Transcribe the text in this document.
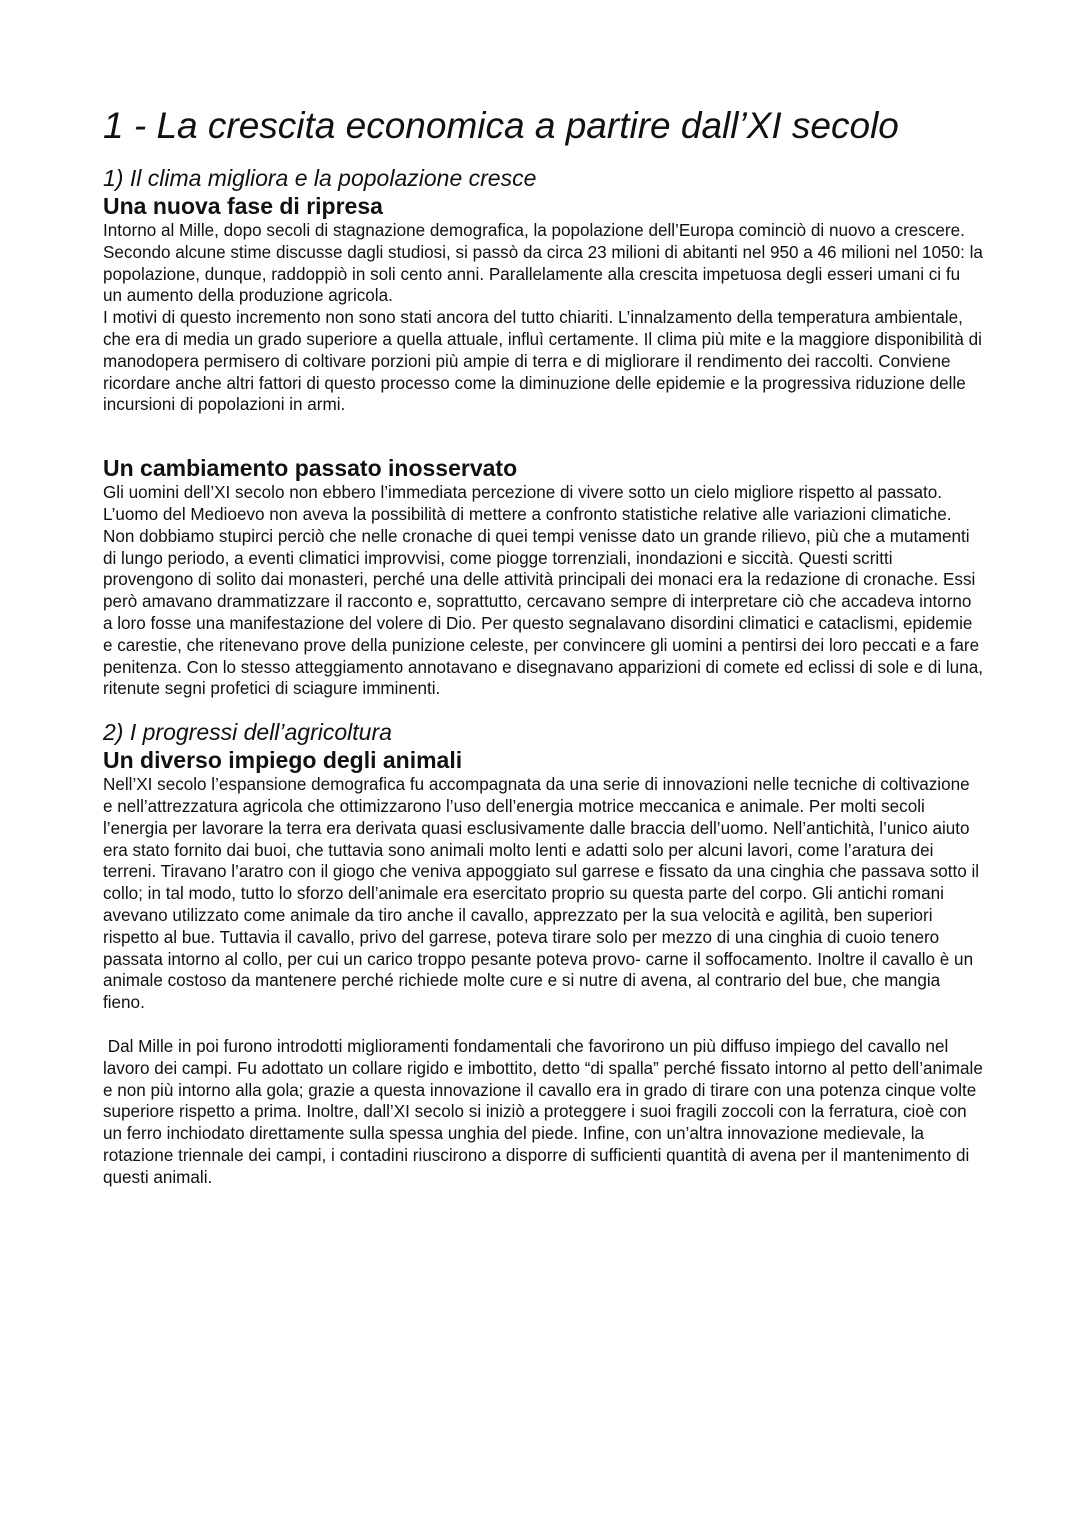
1 - La crescita economica a partire dall’XI secolo
1) Il clima migliora e la popolazione cresce
Una nuova fase di ripresa

Intorno al Mille, dopo secoli di stagnazione demografica, la popolazione dell’Europa cominciò di nuovo a crescere. Secondo alcune stime discusse dagli studiosi, si passò da circa 23 milioni di abitanti nel 950 a 46 milioni nel 1050: la popolazione, dunque, raddoppiò in soli cento anni. Parallelamente alla crescita impetuosa degli esseri umani ci fu un aumento della produzione agricola.

I motivi di questo incremento non sono stati ancora del tutto chiariti. L’innalzamento della temperatura ambientale, che era di media un grado superiore a quella attuale, influì certamente. Il clima più mite e la maggiore disponibilità di manodopera permisero di coltivare porzioni più ampie di terra e di migliorare il rendimento dei raccolti. Conviene ricordare anche altri fattori di questo processo come la diminuzione delle epidemie e la progressiva riduzione delle incursioni di popolazioni in armi.

Un cambiamento passato inosservato

Gli uomini dell’XI secolo non ebbero l’immediata percezione di vivere sotto un cielo migliore rispetto al passato. L’uomo del Medioevo non aveva la possibilità di mettere a confronto statistiche relative alle variazioni climatiche. Non dobbiamo stupirci perciò che nelle cronache di quei tempi venisse dato un grande rilievo, più che a mutamenti di lungo periodo, a eventi climatici improvvisi, come piogge torrenziali, inondazioni e siccità. Questi scritti provengono di solito dai monasteri, perché una delle attività principali dei monaci era la redazione di cronache. Essi però amavano drammatizzare il racconto e, soprattutto, cercavano sempre di interpretare ciò che accadeva intorno a loro fosse una manifestazione del volere di Dio. Per questo segnalavano disordini climatici e cataclismi, epidemie e carestie, che ritenevano prove della punizione celeste, per convincere gli uomini a pentirsi dei loro peccati e a fare penitenza. Con lo stesso atteggiamento annotavano e disegnavano apparizioni di comete ed eclissi di sole e di luna, ritenute segni profetici di sciagure imminenti.

2) I progressi dell’agricoltura
Un diverso impiego degli animali

Nell’XI secolo l’espansione demografica fu accompagnata da una serie di innovazioni nelle tecniche di coltivazione e nell’attrezzatura agricola che ottimizzarono l’uso dell’energia motrice meccanica e animale. Per molti secoli l’energia per lavorare la terra era derivata quasi esclusivamente dalle braccia dell’uomo. Nell’antichità, l’unico aiuto era stato fornito dai buoi, che tuttavia sono animali molto lenti e adatti solo per alcuni lavori, come l’aratura dei terreni. Tiravano l’aratro con il giogo che veniva appoggiato sul garrese e fissato da una cinghia che passava sotto il collo; in tal modo, tutto lo sforzo dell’animale era esercitato proprio su questa parte del corpo. Gli antichi romani avevano utilizzato come animale da tiro anche il cavallo, apprezzato per la sua velocità e agilità, ben superiori rispetto al bue. Tuttavia il cavallo, privo del garrese, poteva tirare solo per mezzo di una cinghia di cuoio tenero passata intorno al collo, per cui un carico troppo pesante poteva provo- carne il soffocamento. Inoltre il cavallo è un animale costoso da mantenere perché richiede molte cure e si nutre di avena, al contrario del bue, che mangia fieno.

Dal Mille in poi furono introdotti miglioramenti fondamentali che favorirono un più diffuso impiego del cavallo nel lavoro dei campi. Fu adottato un collare rigido e imbottito, detto “di spalla” perché fissato intorno al petto dell’animale e non più intorno alla gola; grazie a questa innovazione il cavallo era in grado di tirare con una potenza cinque volte superiore rispetto a prima. Inoltre, dall’XI secolo si iniziò a proteggere i suoi fragili zoccoli con la ferratura, cioè con un ferro inchiodato direttamente sulla spessa unghia del piede. Infine, con un’altra innovazione medievale, la rotazione triennale dei campi, i contadini riuscirono a disporre di sufficienti quantità di avena per il mantenimento di questi animali.
